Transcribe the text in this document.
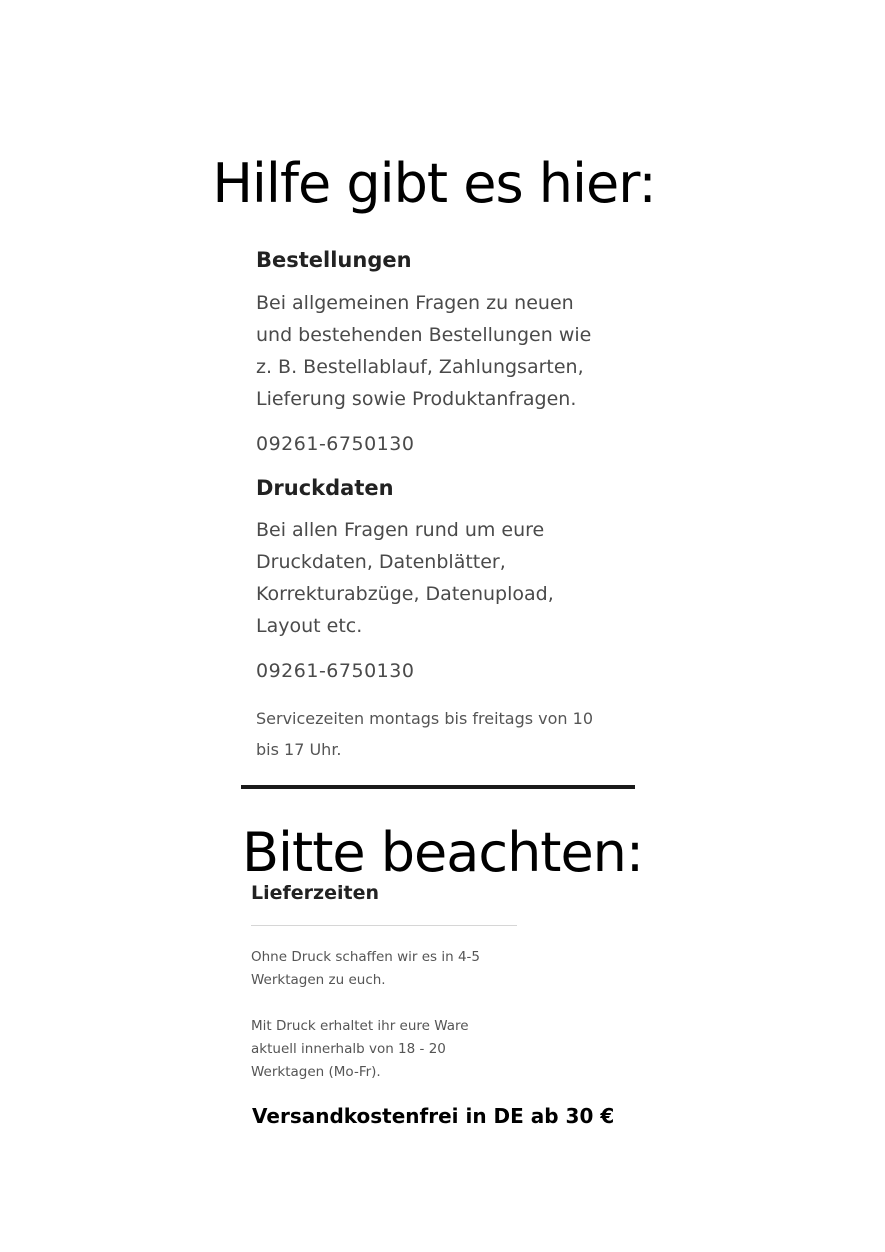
Hilfe gibt es hier:
Bestellungen
Bei allgemeinen Fragen zu neuen
und bestehenden Bestellungen wie
z. B. Bestellablauf, Zahlungsarten,
Lieferung sowie Produktanfragen.
09261-6750130
Druckdaten
Bei allen Fragen rund um eure
Druckdaten, Datenblätter,
Korrekturabzüge, Datenupload,
Layout etc.
09261-6750130
Servicezeiten montags bis freitags von 10
bis 17 Uhr.
Bitte beachten:
Lieferzeiten
Ohne Druck schaffen wir es in 4-5
Werktagen zu euch.
Mit Druck erhaltet ihr eure Ware
aktuell innerhalb von 18 - 20
Werktagen (Mo-Fr).
Versandkostenfrei in DE ab 30 €
